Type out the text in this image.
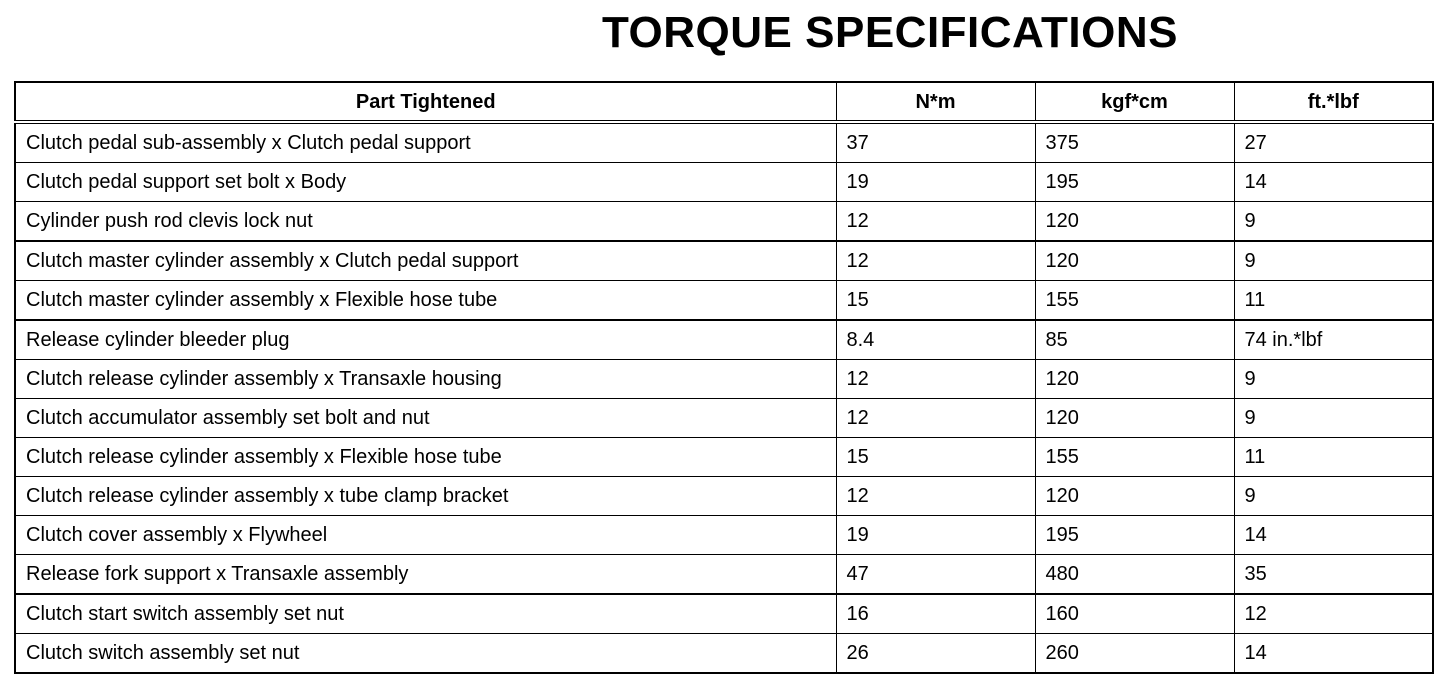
TORQUE SPECIFICATIONS
Part Tightened	N*m	kgf*cm	ft.*lbf
Clutch pedal sub-assembly x Clutch pedal support	37	375	27
Clutch pedal support set bolt x Body	19	195	14
Cylinder push rod clevis lock nut	12	120	9
Clutch master cylinder assembly x Clutch pedal support	12	120	9
Clutch master cylinder assembly x Flexible hose tube	15	155	11
Release cylinder bleeder plug	8.4	85	74 in.*lbf
Clutch release cylinder assembly x Transaxle housing	12	120	9
Clutch accumulator assembly set bolt and nut	12	120	9
Clutch release cylinder assembly x Flexible hose tube	15	155	11
Clutch release cylinder assembly x tube clamp bracket	12	120	9
Clutch cover assembly x Flywheel	19	195	14
Release fork support x Transaxle assembly	47	480	35
Clutch start switch assembly set nut	16	160	12
Clutch switch assembly set nut	26	260	14
